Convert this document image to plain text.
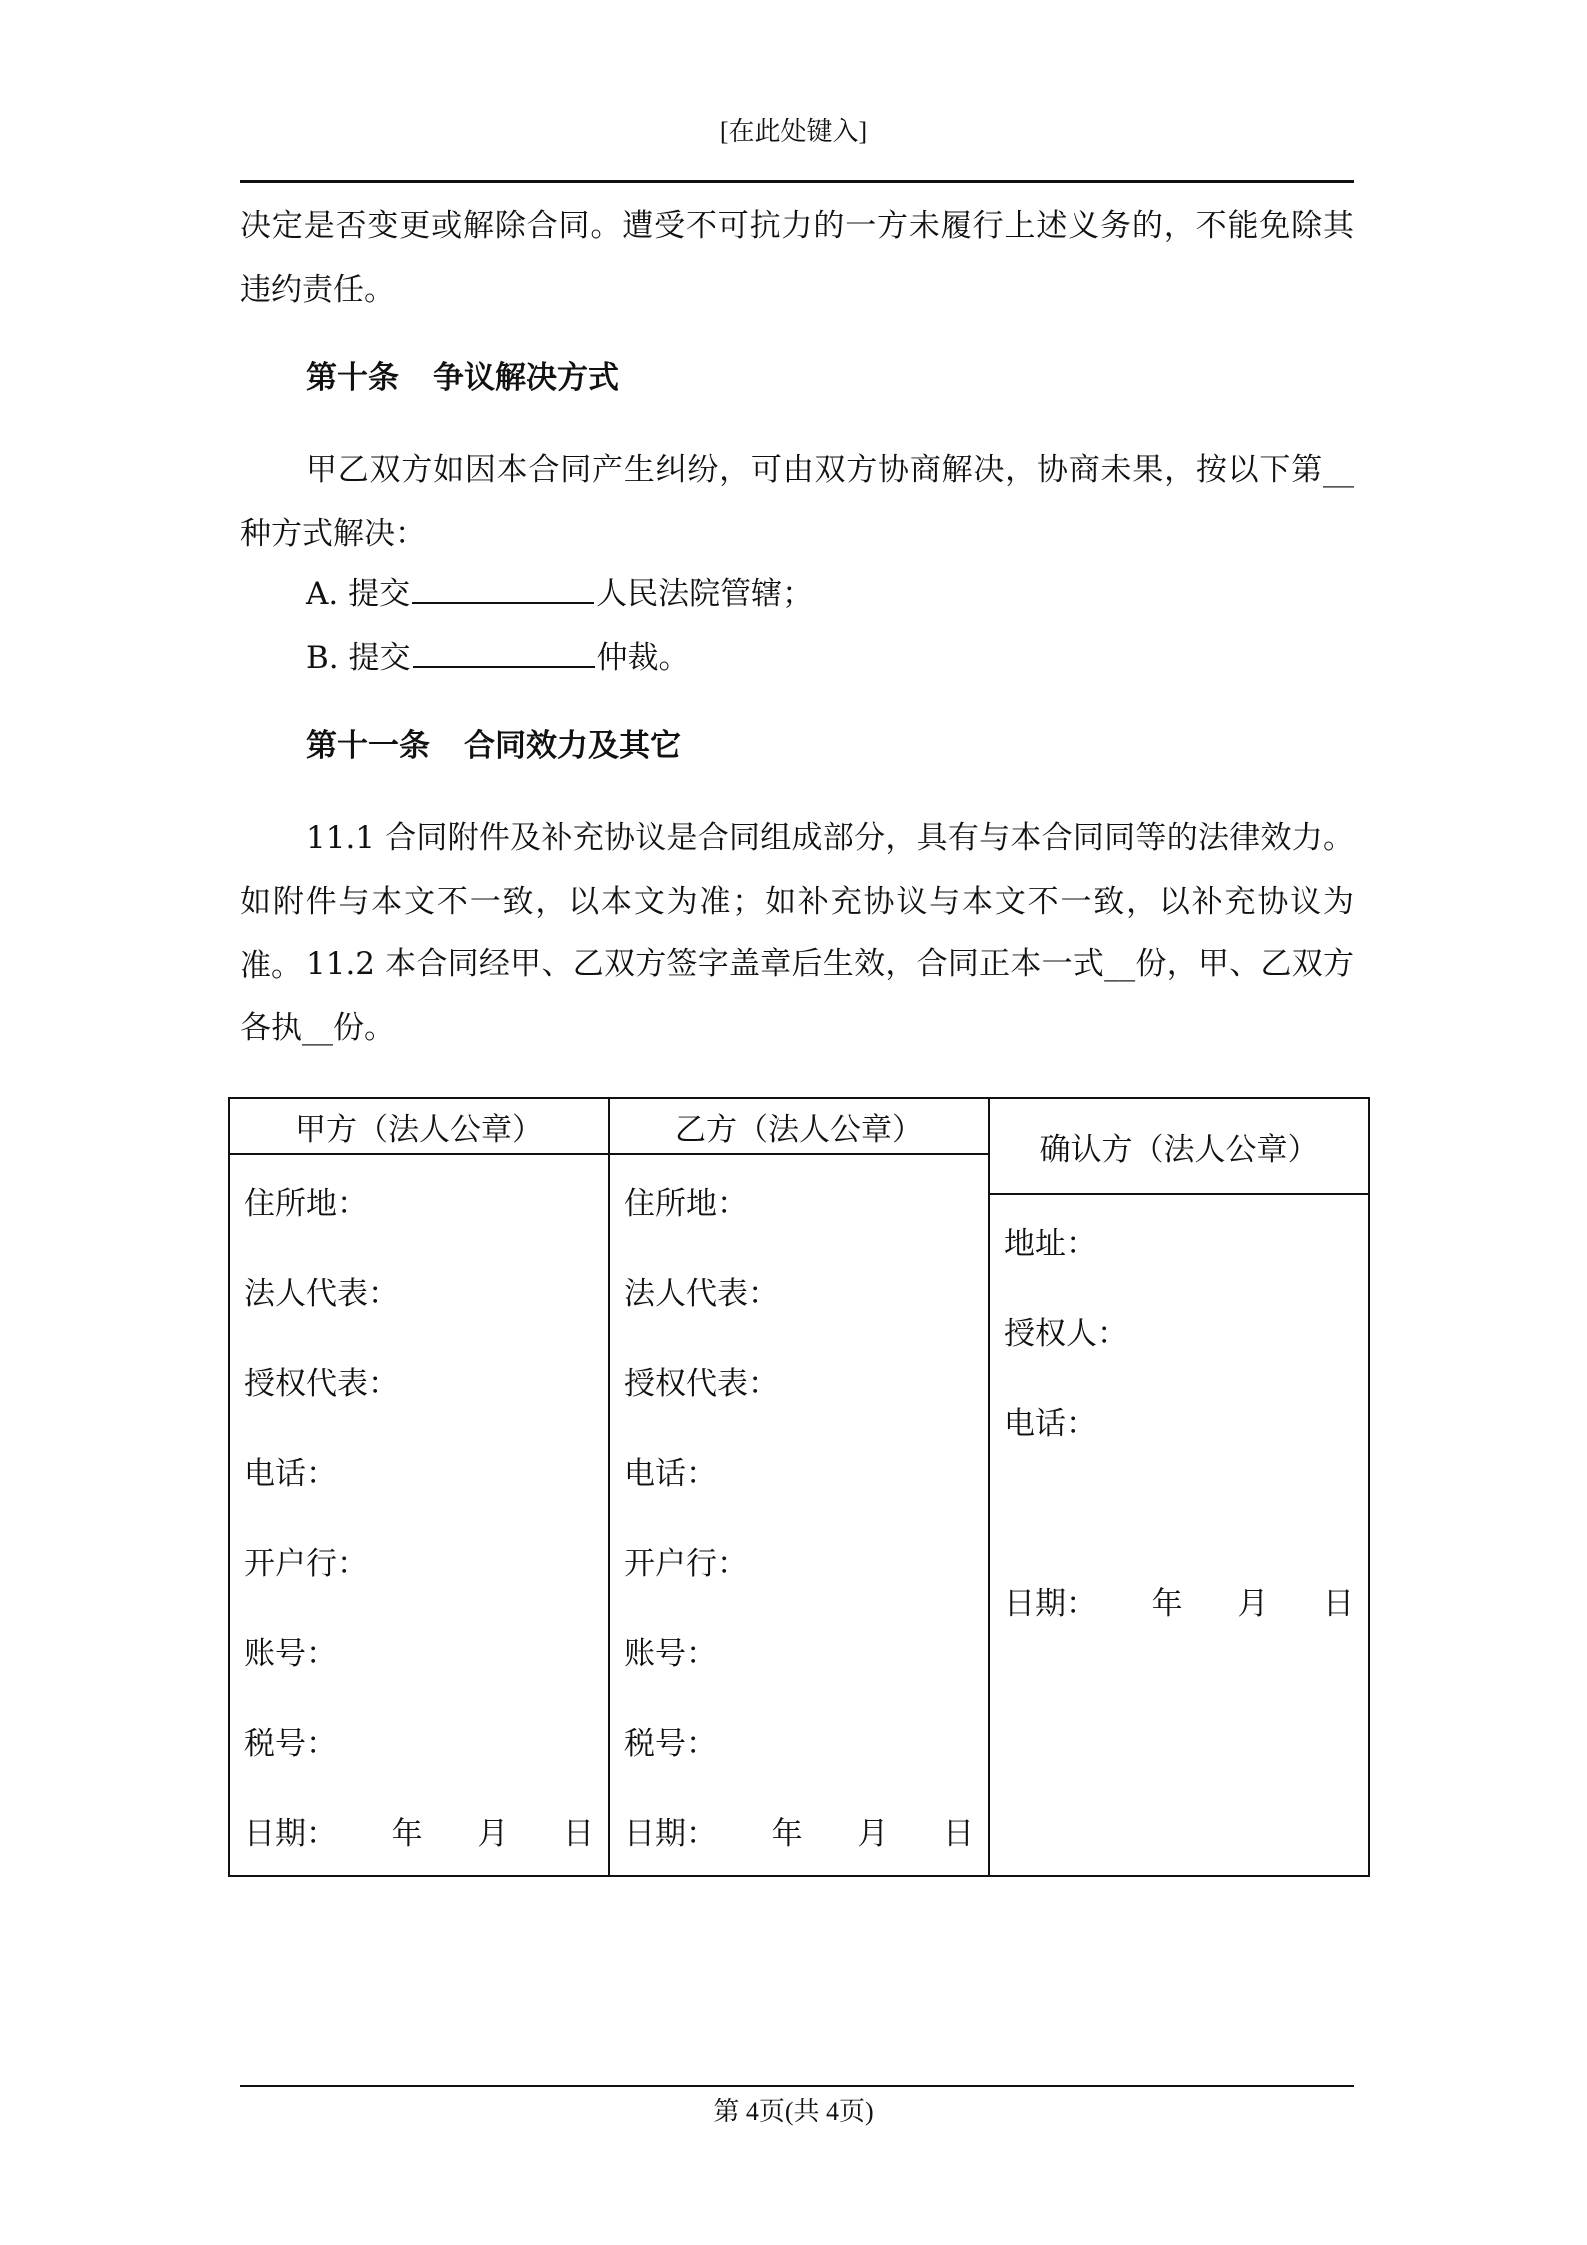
[在此处键入]
决定是否变更或解除合同。遭受不可抗力的一方未履行上述义务的，不能免除其违约责任。
第十条 争议解决方式
甲乙双方如因本合同产生纠纷，可由双方协商解决，协商未果，按以下第__种方式解决：
A. 提交	人民法院管辖；
B. 提交	仲裁。
第十一条 合同效力及其它
11.1 合同附件及补充协议是合同组成部分，具有与本合同同等的法律效力。如附件与本文不一致，以本文为准；如补充协议与本文不一致，以补充协议为准。 11.2 本合同经甲、乙双方签字盖章后生效，合同正本一式__份，甲、乙双方各执__份。
甲方（法人公章）
住所地：
法人代表：
授权代表：
电话：
开户行：
账号：
税号：
日期： 年 月 日
乙方（法人公章）
住所地：
法人代表：
授权代表：
电话：
开户行：
账号：
税号：
日期： 年 月 日
确认方（法人公章）
地址：
授权人：
电话：
日期： 年 月 日
第 4页(共 4页)
